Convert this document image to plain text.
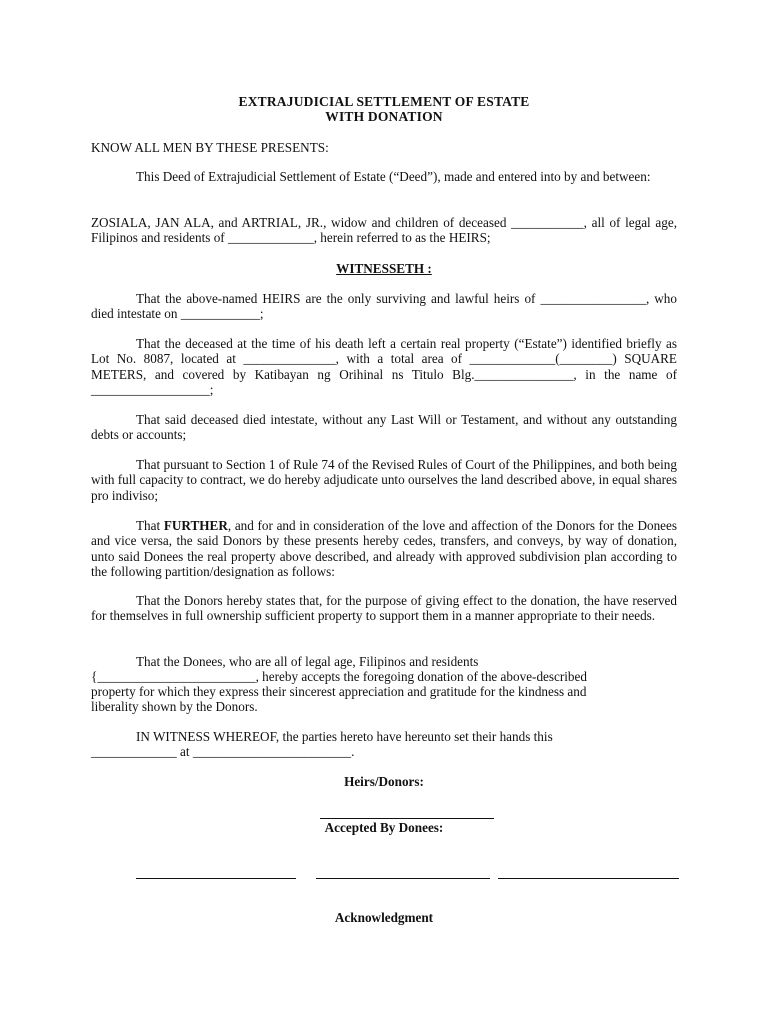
EXTRAJUDICIAL SETTLEMENT OF ESTATE
WITH DONATION

KNOW ALL MEN BY THESE PRESENTS:

This Deed of Extrajudicial Settlement of Estate (“Deed”), made and entered into by and between:

ZOSIALA, JAN ALA, and ARTRIAL, JR., widow and children of deceased ___________, all of legal age, Filipinos and residents of _____________, herein referred to as the HEIRS;

WITNESSETH :

That the above-named HEIRS are the only surviving and lawful heirs of ________________, who died intestate on ____________;

That the deceased at the time of his death left a certain real property (“Estate”) identified briefly as Lot No. 8087, located at ______________, with a total area of _____________(________) SQUARE METERS, and covered by Katibayan ng Orihinal ns Titulo Blg._______________, in the name of __________________;

That said deceased died intestate, without any Last Will or Testament, and without any outstanding debts or accounts;

That pursuant to Section 1 of Rule 74 of the Revised Rules of Court of the Philippines, and both being with full capacity to contract, we do hereby adjudicate unto ourselves the land described above, in equal shares pro indiviso;

That FURTHER, and for and in consideration of the love and affection of the Donors for the Donees and vice versa, the said Donors by these presents hereby cedes, transfers, and conveys, by way of donation, unto said Donees the real property above described, and already with approved subdivision plan according to the following partition/designation as follows:

That the Donors hereby states that, for the purpose of giving effect to the donation, the have reserved for themselves in full ownership sufficient property to support them in a manner appropriate to their needs.

That the Donees, who are all of legal age, Filipinos and residents
{________________________, hereby accepts the foregoing donation of the above-described
property for which they express their sincerest appreciation and gratitude for the kindness and
liberality shown by the Donors.
IN WITNESS WHEREOF, the parties hereto have hereunto set their hands this
_____________ at ________________________.
Heirs/Donors:
Accepted By Donees:
Acknowledgment
